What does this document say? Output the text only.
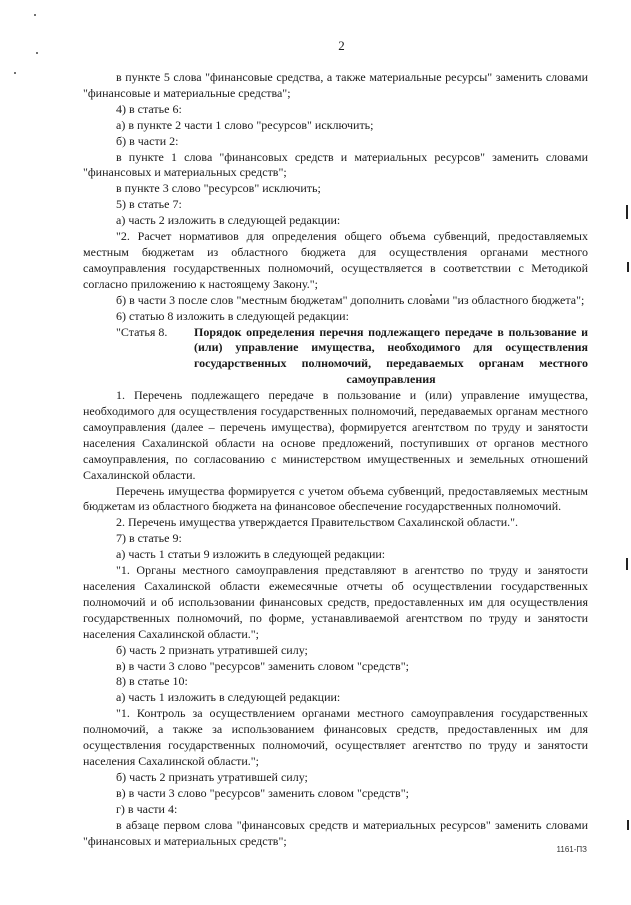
2

в пункте 5 слова "финансовые средства, а также материальные ресурсы" заменить словами "финансовые и материальные средства";

4) в статье 6:

а) в пункте 2 части 1 слово "ресурсов" исключить;

б) в части 2:

в пункте 1 слова "финансовых средств и материальных ресурсов" заменить словами "финансовых и материальных средств";

в пункте 3 слово "ресурсов" исключить;

5) в статье 7:

а) часть 2 изложить в следующей редакции:

"2. Расчет нормативов для определения общего объема субвенций, предоставляемых местным бюджетам из областного бюджета для осуществления органами местного самоуправления государственных полномочий, осуществляется в соответствии с Методикой согласно приложению к настоящему Закону.";

б) в части 3 после слов "местным бюджетам" дополнить словами "из областного бюджета";

6) статью 8 изложить в следующей редакции:

"Статья 8.	Порядок определения перечня подлежащего передаче в пользование и (или) управление имущества, необходимого для осуществления государственных полномочий, передаваемых органам местного самоуправления

1. Перечень подлежащего передаче в пользование и (или) управление имущества, необходимого для осуществления государственных полномочий, передаваемых органам местного самоуправления (далее – перечень имущества), формируется агентством по труду и занятости населения Сахалинской области на основе предложений, поступивших от органов местного самоуправления, по согласованию с министерством имущественных и земельных отношений Сахалинской области.

Перечень имущества формируется с учетом объема субвенций, предоставляемых местным бюджетам из областного бюджета на финансовое обеспечение государственных полномочий.

2. Перечень имущества утверждается Правительством Сахалинской области.".

7) в статье 9:

а) часть 1 статьи 9 изложить в следующей редакции:

"1. Органы местного самоуправления представляют в агентство по труду и занятости населения Сахалинской области ежемесячные отчеты об осуществлении государственных полномочий и об использовании финансовых средств, предоставленных им для осуществления государственных полномочий, по форме, устанавливаемой агентством по труду и занятости населения Сахалинской области.";

б) часть 2 признать утратившей силу;

в) в части 3 слово "ресурсов" заменить словом "средств";

8) в статье 10:

а) часть 1 изложить в следующей редакции:

"1. Контроль за осуществлением органами местного самоуправления государственных полномочий, а также за использованием финансовых средств, предоставленных им для осуществления государственных полномочий, осуществляет агентство по труду и занятости населения Сахалинской области.";

б) часть 2 признать утратившей силу;

в) в части 3 слово "ресурсов" заменить словом "средств";

г) в части 4:

в абзаце первом слова "финансовых средств и материальных ресурсов" заменить словами "финансовых и материальных средств";

1161-ПЗ
